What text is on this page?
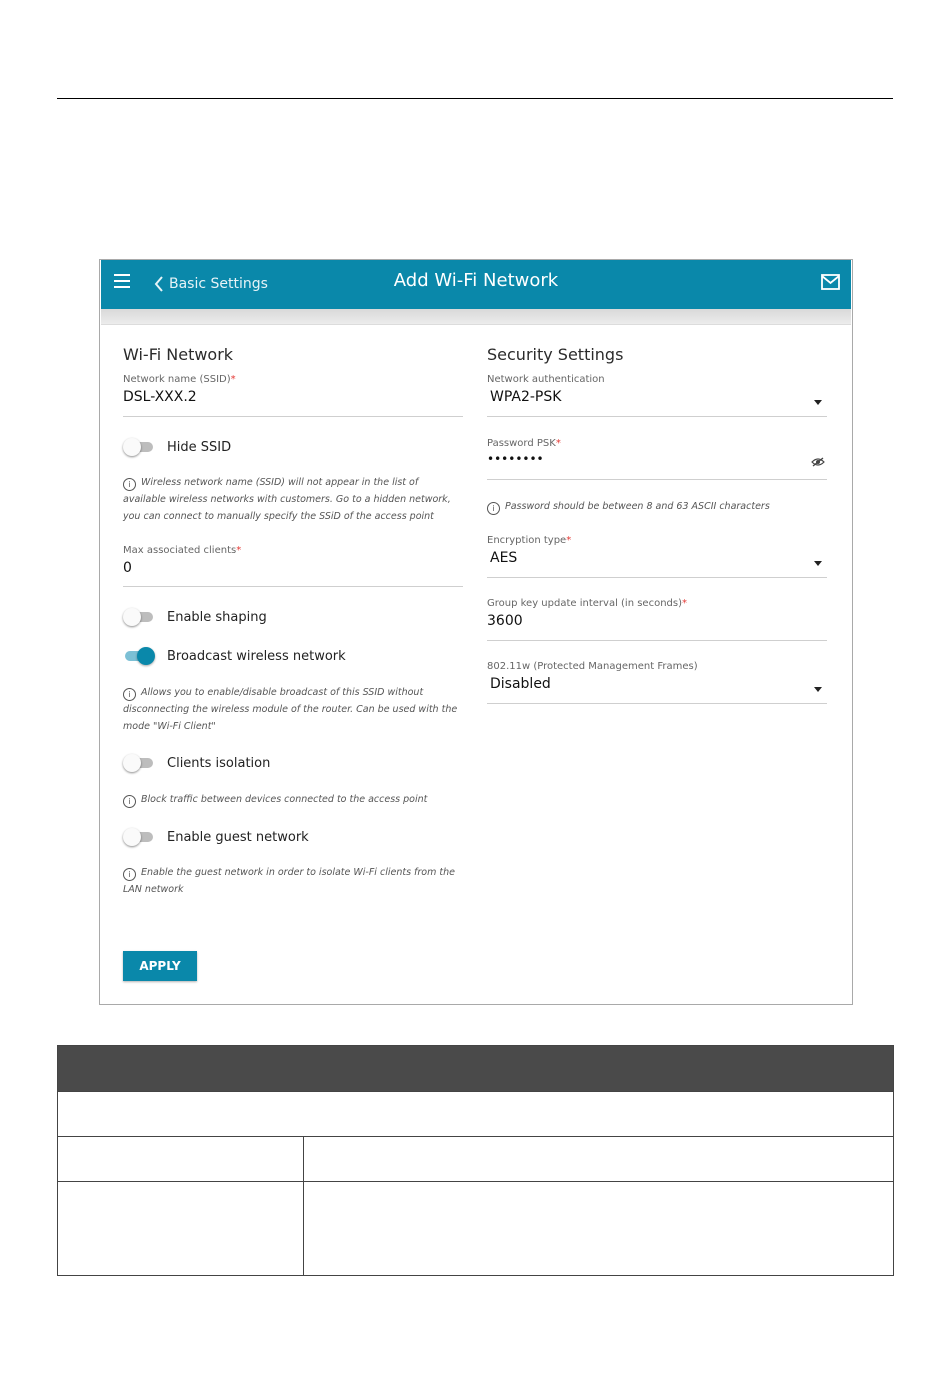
Basic Settings	Add Wi-Fi Network
Wi-Fi Network
Network name (SSID)*
DSL-XXX.2
Hide SSID
i Wireless network name (SSID) will not appear in the list of available wireless networks with customers. Go to a hidden network, you can connect to manually specify the SSiD of the access point
Max associated clients*
0
Enable shaping
Broadcast wireless network
i Allows you to enable/disable broadcast of this SSID without disconnecting the wireless module of the router. Can be used with the mode "Wi-Fi Client"
Clients isolation
i Block traffic between devices connected to the access point
Enable guest network
i Enable the guest network in order to isolate Wi-Fi clients from the LAN network
Security Settings
Network authentication
WPA2-PSK
Password PSK*
••••••••
i Password should be between 8 and 63 ASCII characters
Encryption type*
AES
Group key update interval (in seconds)*
3600
802.11w (Protected Management Frames)
Disabled
APPLY
